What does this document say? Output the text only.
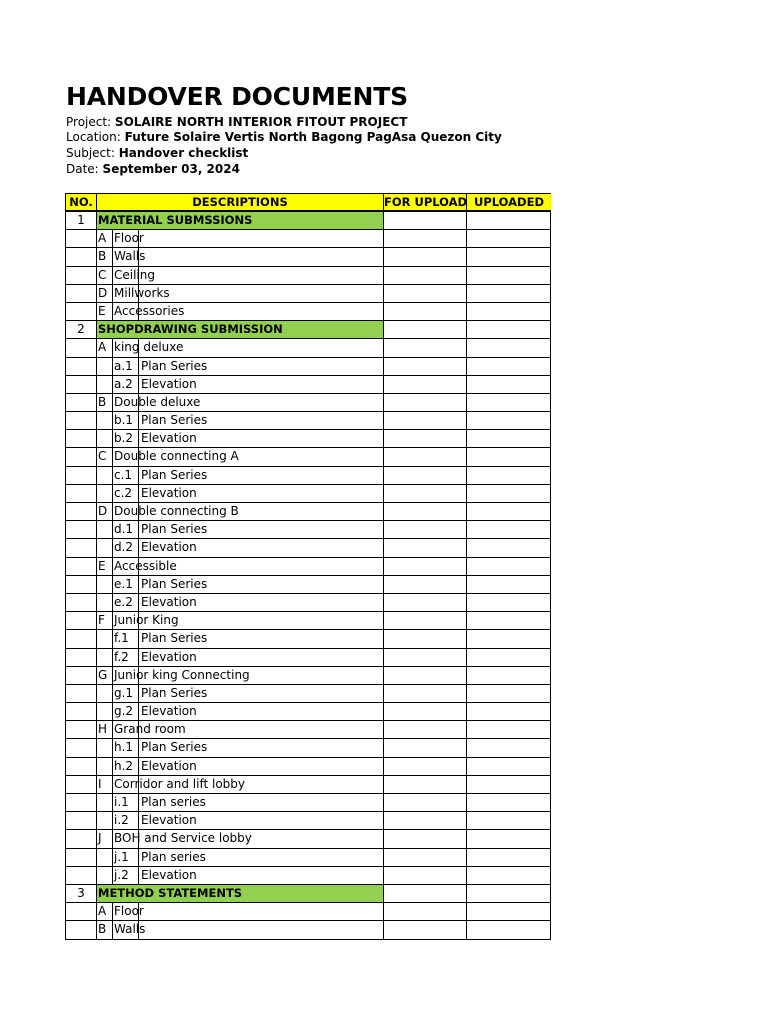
HANDOVER DOCUMENTS
Project: SOLAIRE NORTH INTERIOR FITOUT PROJECT
Location: Future Solaire Vertis North Bagong PagAsa Quezon City
Subject: Handover checklist
Date: September 03, 2024
NO.	DESCRIPTIONS	FOR UPLOAD UPLOADED
1	MATERIAL SUBMSSIONS
A Floor
B Walls
C Ceiling
D Millworks
E Accessories
2	SHOPDRAWING SUBMISSION
A king deluxe
a.1 Plan Series
a.2 Elevation
B Double deluxe
b.1 Plan Series
b.2 Elevation
C Double connecting A
c.1 Plan Series
c.2 Elevation
D Double connecting B
d.1 Plan Series
d.2 Elevation
E Accessible
e.1 Plan Series
e.2 Elevation
F Junior King
f.1	Plan Series
f.2	Elevation
G Junior king Connecting
g.1 Plan Series
g.2 Elevation
H Grand room
h.1 Plan Series
h.2 Elevation
I	Corridor and lift lobby
i.1	Plan series
i.2	Elevation
J	BOH and Service lobby
j.1	Plan series
j.2	Elevation
3	METHOD STATEMENTS
A Floor
B Walls
